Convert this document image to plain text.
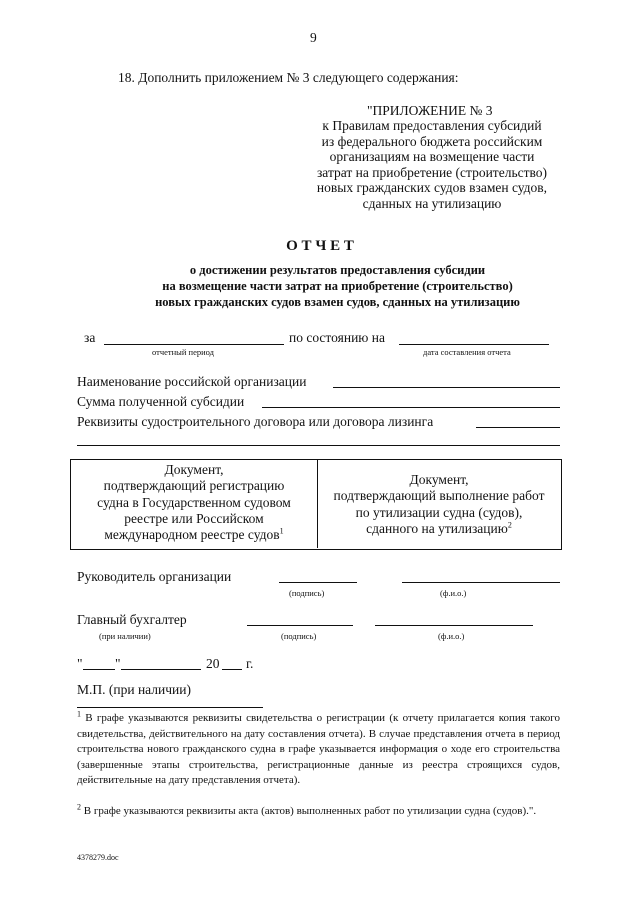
9
18. Дополнить приложением № 3 следующего содержания:
"ПРИЛОЖЕНИЕ № 3
к Правилам предоставления субсидий
из федерального бюджета российским
организациям на возмещение части
затрат на приобретение (строительство)
новых гражданских судов взамен судов,
сданных на утилизацию
О Т Ч Е Т
о достижении результатов предоставления субсидии
на возмещение части затрат на приобретение (строительство)
новых гражданских судов взамен судов, сданных на утилизацию
за	по состоянию на
отчетный период	дата составления отчета
Наименование российской организации
Сумма полученной субсидии
Реквизиты судостроительного договора или договора лизинга
Документ,
подтверждающий регистрацию
судна в Государственном судовом
реестре или Российском
международном реестре судов$^1$
Документ,
подтверждающий выполнение работ
по утилизации судна (судов),
сданного на утилизацию$^2$
Руководитель организации
(подпись)	(ф.и.о.)
Главный бухгалтер
(при наличии)	(подпись)	(ф.и.о.)
" "	20 г.
М.П. (при наличии)
$^1$ В графе указываются реквизиты свидетельства о регистрации (к отчету прилагается копия такого свидетельства, действительного на дату составления отчета). В случае представления отчета в период строительства нового гражданского судна в графе указывается информация о ходе его строительства (завершенные этапы строительства, регистрационные данные из реестра строящихся судов, действительные на дату представления отчета).
$^2$ В графе указываются реквизиты акта (актов) выполненных работ по утилизации судна (судов).".
4378279.doc
